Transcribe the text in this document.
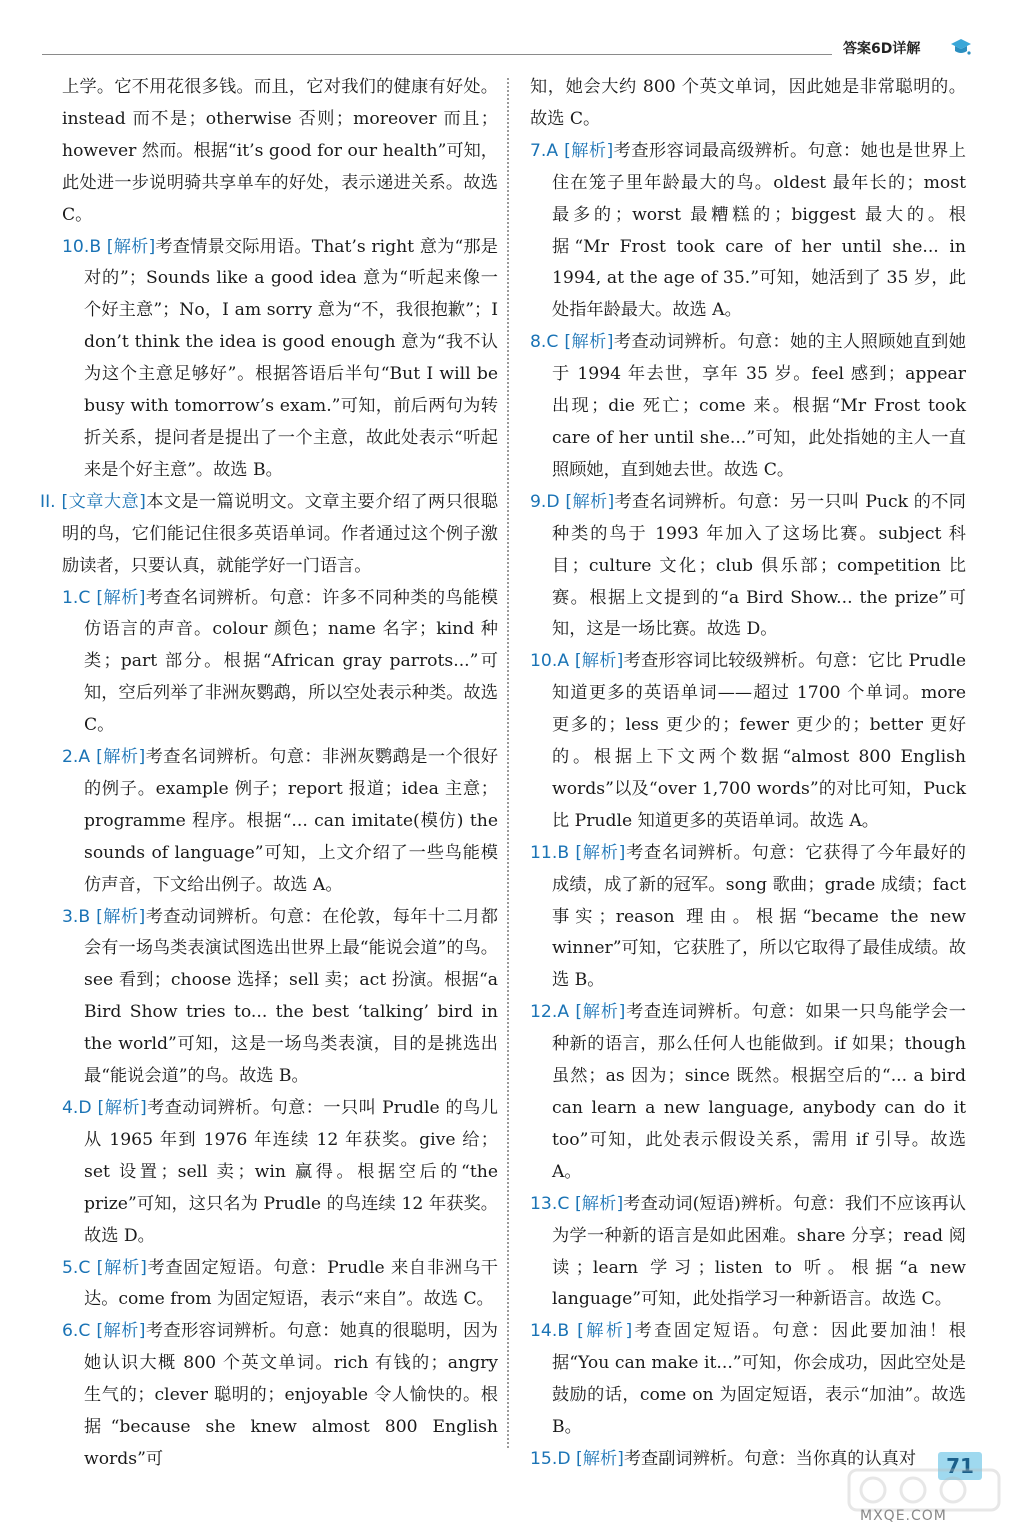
答案6D详解

上学。它不用花很多钱。而且，它对我们的健康有好处。instead 而不是；otherwise 否则；moreover 而且；however 然而。根据“it’s good for our health”可知，此处进一步说明骑共享单车的好处，表示递进关系。故选 C。

10.B [解析]考查情景交际用语。That’s right 意为“那是对的”；Sounds like a good idea 意为“听起来像一个好主意”；No，I am sorry 意为“不，我很抱歉”；I don’t think the idea is good enough 意为“我不认为这个主意足够好”。根据答语后半句“But I will be busy with tomorrow’s exam.”可知，前后两句为转折关系，提问者是提出了一个主意，故此处表示“听起来是个好主意”。故选 B。

II. [文章大意]本文是一篇说明文。文章主要介绍了两只很聪明的鸟，它们能记住很多英语单词。作者通过这个例子激励读者，只要认真，就能学好一门语言。

1.C [解析]考查名词辨析。句意：许多不同种类的鸟能模仿语言的声音。colour 颜色；name 名字；kind 种类；part 部分。根据“African gray parrots...”可知，空后列举了非洲灰鹦鹉，所以空处表示种类。故选 C。

2.A [解析]考查名词辨析。句意：非洲灰鹦鹉是一个很好的例子。example 例子；report 报道；idea 主意；programme 程序。根据“... can imitate(模仿) the sounds of language”可知，上文介绍了一些鸟能模仿声音，下文给出例子。故选 A。

3.B [解析]考查动词辨析。句意：在伦敦，每年十二月都会有一场鸟类表演试图选出世界上最“能说会道”的鸟。see 看到；choose 选择；sell 卖；act 扮演。根据“a Bird Show tries to... the best ‘talking’ bird in the world”可知，这是一场鸟类表演，目的是挑选出最“能说会道”的鸟。故选 B。

4.D [解析]考查动词辨析。句意：一只叫 Prudle 的鸟儿从 1965 年到 1976 年连续 12 年获奖。give 给；set 设置；sell 卖；win 赢得。根据空后的“the prize”可知，这只名为 Prudle 的鸟连续 12 年获奖。故选 D。

5.C [解析]考查固定短语。句意：Prudle 来自非洲乌干达。come from 为固定短语，表示“来自”。故选 C。

6.C [解析]考查形容词辨析。句意：她真的很聪明，因为她认识大概 800 个英文单词。rich 有钱的；angry 生气的；clever 聪明的；enjoyable 令人愉快的。根据“because she knew almost 800 English words”可

知，她会大约 800 个英文单词，因此她是非常聪明的。故选 C。

7.A [解析]考查形容词最高级辨析。句意：她也是世界上住在笼子里年龄最大的鸟。oldest 最年长的；most 最多的；worst 最糟糕的；biggest 最大的。根据“Mr Frost took care of her until she... in 1994, at the age of 35.”可知，她活到了 35 岁，此处指年龄最大。故选 A。

8.C [解析]考查动词辨析。句意：她的主人照顾她直到她于 1994 年去世，享年 35 岁。feel 感到；appear 出现；die 死亡；come 来。根据“Mr Frost took care of her until she...”可知，此处指她的主人一直照顾她，直到她去世。故选 C。

9.D [解析]考查名词辨析。句意：另一只叫 Puck 的不同种类的鸟于 1993 年加入了这场比赛。subject 科目；culture 文化；club 俱乐部；competition 比赛。根据上文提到的“a Bird Show... the prize”可知，这是一场比赛。故选 D。

10.A [解析]考查形容词比较级辨析。句意：它比 Prudle 知道更多的英语单词——超过 1700 个单词。more 更多的；less 更少的；fewer 更少的；better 更好的。根据上下文两个数据“almost 800 English words”以及“over 1,700 words”的对比可知，Puck 比 Prudle 知道更多的英语单词。故选 A。

11.B [解析]考查名词辨析。句意：它获得了今年最好的成绩，成了新的冠军。song 歌曲；grade 成绩；fact 事实；reason 理由。根据“became the new winner”可知，它获胜了，所以它取得了最佳成绩。故选 B。

12.A [解析]考查连词辨析。句意：如果一只鸟能学会一种新的语言，那么任何人也能做到。if 如果；though 虽然；as 因为；since 既然。根据空后的“... a bird can learn a new language, anybody can do it too”可知，此处表示假设关系，需用 if 引导。故选 A。

13.C [解析]考查动词(短语)辨析。句意：我们不应该再认为学一种新的语言是如此困难。share 分享；read 阅读；learn 学习；listen to 听。根据“a new language”可知，此处指学习一种新语言。故选 C。

14.B [解析]考查固定短语。句意：因此要加油！根据“You can make it...”可知，你会成功，因此空处是鼓励的话，come on 为固定短语，表示“加油”。故选 B。

15.D [解析]考查副词辨析。句意：当你真的认真对	71
MXQE.COM
